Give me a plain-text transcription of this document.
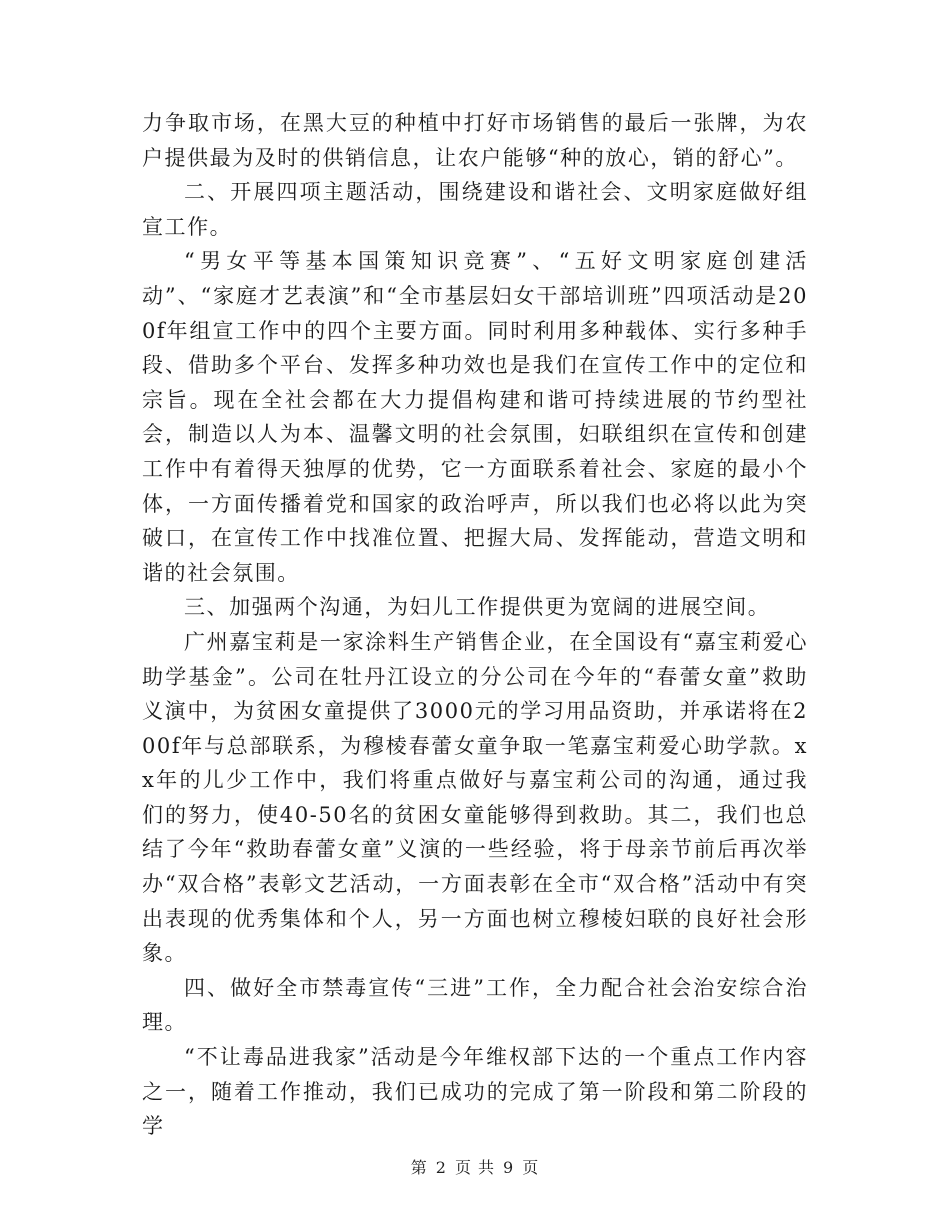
力争取市场，在黑大豆的种植中打好市场销售的最后一张牌，为农户提供最为及时的供销信息，让农户能够“种的放心，销的舒心”。

二、开展四项主题活动，围绕建设和谐社会、文明家庭做好组宣工作。

“男女平等基本国策知识竞赛”、“五好文明家庭创建活动”、“家庭才艺表演”和“全市基层妇女干部培训班”四项活动是200f年组宣工作中的四个主要方面。同时利用多种载体、实行多种手段、借助多个平台、发挥多种功效也是我们在宣传工作中的定位和宗旨。现在全社会都在大力提倡构建和谐可持续进展的节约型社会，制造以人为本、温馨文明的社会氛围，妇联组织在宣传和创建工作中有着得天独厚的优势，它一方面联系着社会、家庭的最小个体，一方面传播着党和国家的政治呼声，所以我们也必将以此为突破口，在宣传工作中找准位置、把握大局、发挥能动，营造文明和谐的社会氛围。

三、加强两个沟通，为妇儿工作提供更为宽阔的进展空间。

广州嘉宝莉是一家涂料生产销售企业，在全国设有“嘉宝莉爱心助学基金”。公司在牡丹江设立的分公司在今年的“春蕾女童”救助义演中，为贫困女童提供了3000元的学习用品资助，并承诺将在200f年与总部联系，为穆棱春蕾女童争取一笔嘉宝莉爱心助学款。xx年的儿少工作中，我们将重点做好与嘉宝莉公司的沟通，通过我们的努力，使40-50名的贫困女童能够得到救助。其二，我们也总结了今年“救助春蕾女童”义演的一些经验，将于母亲节前后再次举办“双合格”表彰文艺活动，一方面表彰在全市“双合格”活动中有突出表现的优秀集体和个人，另一方面也树立穆棱妇联的良好社会形象。

四、做好全市禁毒宣传“三进”工作，全力配合社会治安综合治理。

“不让毒品进我家”活动是今年维权部下达的一个重点工作内容之一，随着工作推动，我们已成功的完成了第一阶段和第二阶段的学

第 2 页 共 9 页
